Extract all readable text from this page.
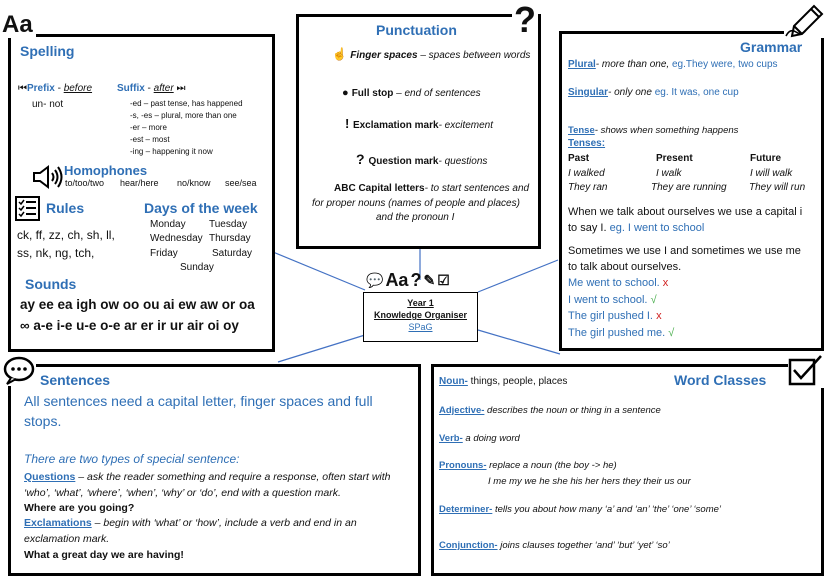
Aa
Spelling
⏮Prefix - before
un- not
Suffix - after ⏭
-ed – past tense, has happened
-s, -es – plural, more than one
-er – more
-est – most
-ing – happening it now
Homophones
to/too/two hear/here no/know see/sea
Rules
ck, ff, zz, ch, sh, ll,
ss, nk, ng, tch,
Days of the week
Monday Tuesday
Wednesday Thursday
Friday	Saturday
Sunday
Sounds
ay ee ea igh ow oo ou ai ew aw or oa
∞ a-e i-e u-e o-e ar er ir ur air oi oy
Punctuation ?
☝ Finger spaces – spaces between words
● Full stop – end of sentences
! Exclamation mark- excitement
? Question mark- questions
ABC Capital letters- to start sentences and
for proper nouns (names of people and places)
and the pronoun I
Grammar
Plural- more than one, eg.They were, two cups
Singular- only one eg. It was, one cup
Tense- shows when something happens
Tenses:
Past	Present	Future
I walked	I walk	I will walk
They ran	They are running They will run
When we talk about ourselves we use a capital i
to say I. eg. I went to school
Sometimes we use I and sometimes we use me
to talk about ourselves.
Me went to school. x
I went to school. √
The girl pushed I. x
The girl pushed me. √
💬 Aa ? ✎ ☑
Year 1
Knowledge Organiser
SPaG
Sentences
All sentences need a capital letter, finger spaces and full
stops.
There are two types of special sentence:
Questions – ask the reader something and require a response, often start with
‘who’, ‘what’, ‘where’, ‘when’, ‘why’ or ‘do’, end with a question mark.
Where are you going?
Exclamations – begin with ‘what’ or ‘how’, include a verb and end in an
exclamation mark.
What a great day we are having!
Word Classes
Noun- things, people, places
Adjective- describes the noun or thing in a sentence
Verb- a doing word
Pronouns- replace a noun (the boy -> he)
I me my we he she his her hers they their us our
Determiner- tells you about how many ‘a’ and ‘an’ ‘the’ ‘one’ ‘some’
Conjunction- joins clauses together ‘and’ ‘but’ ‘yet’ ‘so’
